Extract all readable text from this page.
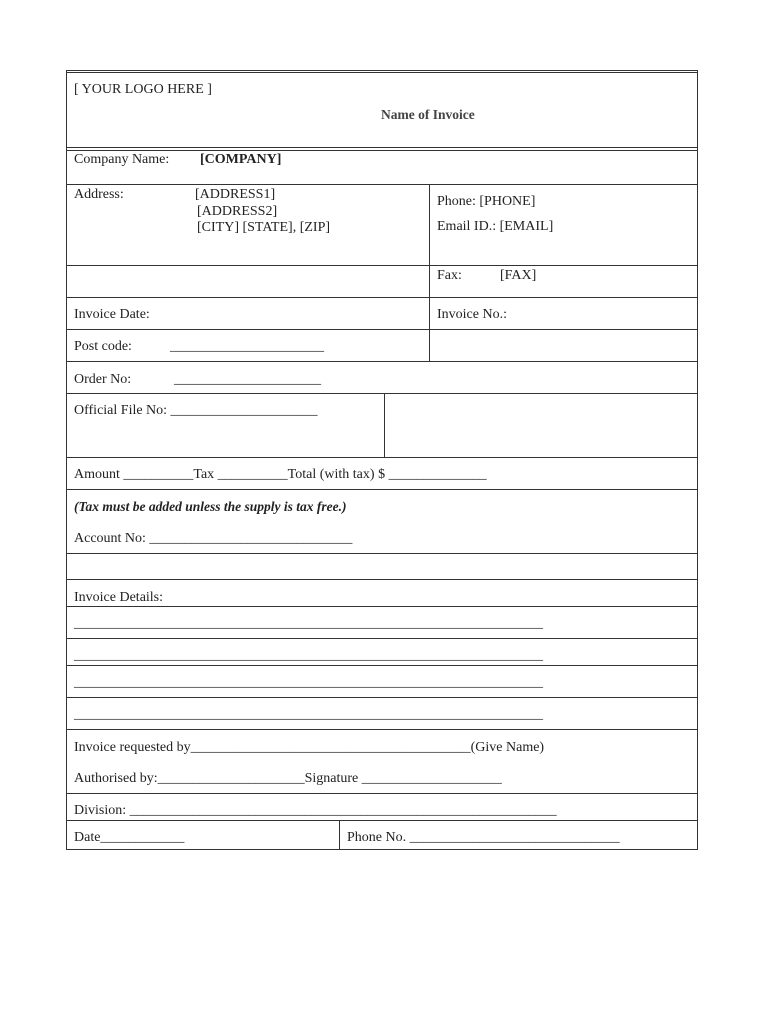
[ YOUR LOGO HERE ]
Name of Invoice
Company Name: [COMPANY]
Address:	[ADDRESS1]
[ADDRESS2]
[CITY] [STATE], [ZIP]
Phone: [PHONE]
Email ID.: [EMAIL]
Fax:	[FAX]
Invoice Date:	Invoice No.:
Post code:	______________________
Order No:	_____________________
Official File No: _____________________
Amount __________Tax __________Total (with tax) $ ______________
(Tax must be added unless the supply is tax free.)
Account No: _____________________________
Invoice Details:
___________________________________________________________________
___________________________________________________________________
___________________________________________________________________
___________________________________________________________________
Invoice requested by________________________________________(Give Name)
Authorised by:_____________________Signature ____________________
Division: _____________________________________________________________
Date____________	Phone No. ______________________________
